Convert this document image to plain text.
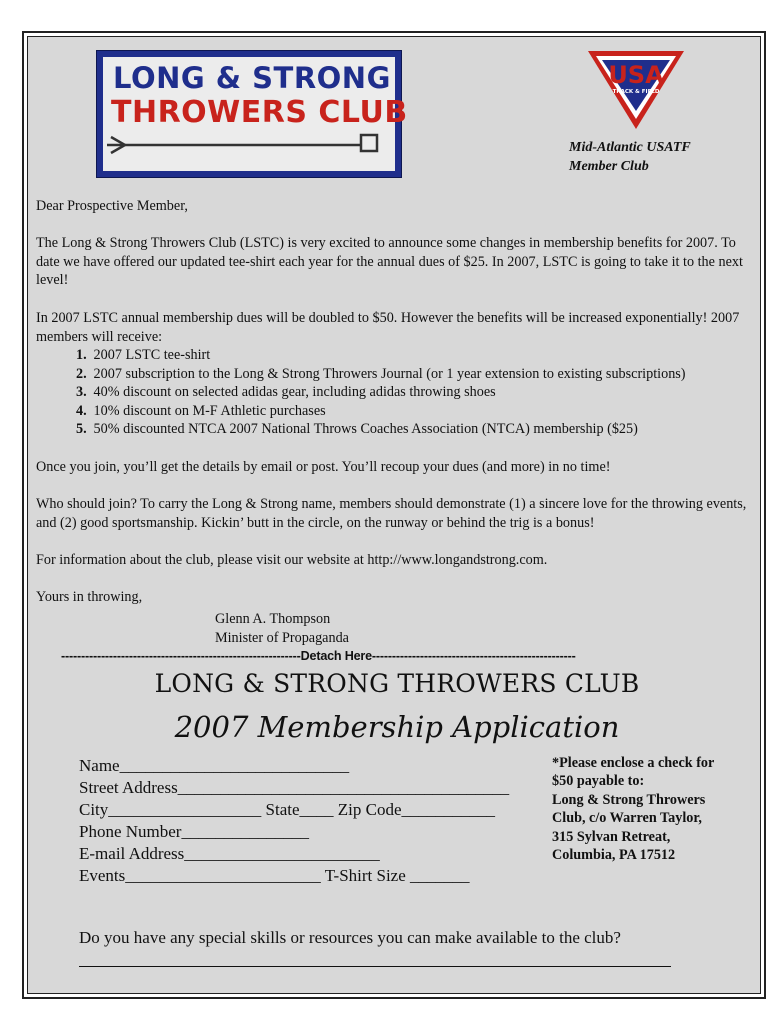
LONG & STRONG
THROWERS CLUB
USA
TRACK & FIELD
Mid-Atlantic USATF
Member Club
Dear Prospective Member,
The Long & Strong Throwers Club (LSTC) is very excited to announce some changes in membership benefits for 2007. To date we have offered our updated tee-shirt each year for the annual dues of $25. In 2007, LSTC is going to take it to the next level!
In 2007 LSTC annual membership dues will be doubled to $50. However the benefits will be increased exponentially! 2007 members will receive:
1. 2007 LSTC tee-shirt
2. 2007 subscription to the Long & Strong Throwers Journal (or 1 year extension to existing subscriptions)
3. 40% discount on selected adidas gear, including adidas throwing shoes
4. 10% discount on M-F Athletic purchases
5. 50% discounted NTCA 2007 National Throws Coaches Association (NTCA) membership ($25)
Once you join, you’ll get the details by email or post. You’ll recoup your dues (and more) in no time!
Who should join? To carry the Long & Strong name, members should demonstrate (1) a sincere love for the throwing events, and (2) good sportsmanship. Kickin’ butt in the circle, on the runway or behind the trig is a bonus!
For information about the club, please visit our website at http://www.longandstrong.com.
Yours in throwing,
Glenn A. Thompson
Minister of Propaganda
------------------------------------------------------------Detach Here---------------------------------------------------
LONG & STRONG THROWERS CLUB
2007 Membership Application
Name___________________________
Street Address_______________________________________
City__________________ State____ Zip Code___________
Phone Number_______________
E-mail Address_______________________
Events_______________________ T-Shirt Size _______
*Please enclose a check for
$50 payable to:
Long & Strong Throwers
Club, c/o Warren Taylor,
315 Sylvan Retreat,
Columbia, PA 17512
Do you have any special skills or resources you can make available to the club?
